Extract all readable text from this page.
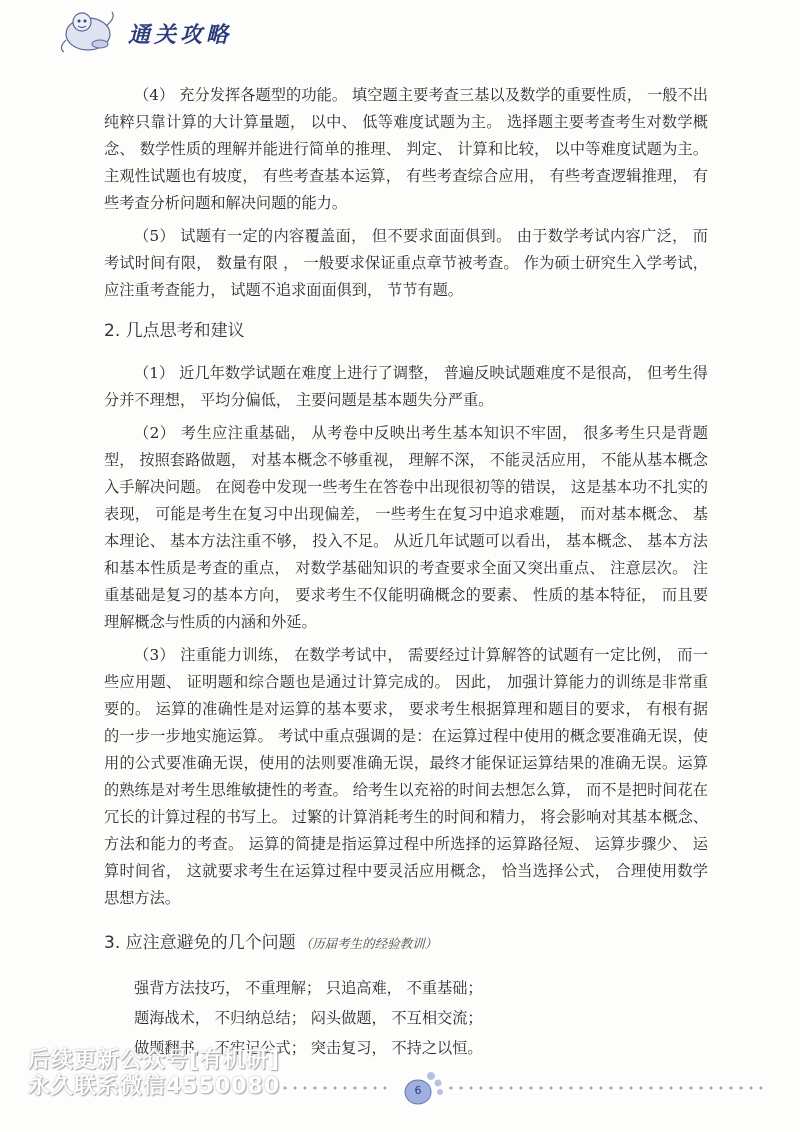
通关攻略

（4） 充分发挥各题型的功能。 填空题主要考查三基以及数学的重要性质， 一般不出纯粹只靠计算的大计算量题， 以中、 低等难度试题为主。 选择题主要考查考生对数学概念、 数学性质的理解并能进行简单的推理、 判定、 计算和比较， 以中等难度试题为主。 主观性试题也有坡度， 有些考查基本运算， 有些考查综合应用， 有些考查逻辑推理， 有些考查分析问题和解决问题的能力。

（5） 试题有一定的内容覆盖面， 但不要求面面俱到。 由于数学考试内容广泛， 而考试时间有限， 数量有限 ， 一般要求保证重点章节被考查。 作为硕士研究生入学考试， 应注重考查能力， 试题不追求面面俱到， 节节有题。

2. 几点思考和建议

（1） 近几年数学试题在难度上进行了调整， 普遍反映试题难度不是很高， 但考生得分并不理想， 平均分偏低， 主要问题是基本题失分严重。

（2） 考生应注重基础， 从考卷中反映出考生基本知识不牢固， 很多考生只是背题型， 按照套路做题， 对基本概念不够重视， 理解不深， 不能灵活应用， 不能从基本概念入手解决问题。 在阅卷中发现一些考生在答卷中出现很初等的错误， 这是基本功不扎实的表现， 可能是考生在复习中出现偏差， 一些考生在复习中追求难题， 而对基本概念、 基本理论、 基本方法注重不够， 投入不足。 从近几年试题可以看出， 基本概念、 基本方法和基本性质是考查的重点， 对数学基础知识的考查要求全面又突出重点、 注意层次。 注重基础是复习的基本方向， 要求考生不仅能明确概念的要素、 性质的基本特征， 而且要理解概念与性质的内涵和外延。

（3） 注重能力训练， 在数学考试中， 需要经过计算解答的试题有一定比例， 而一些应用题、 证明题和综合题也是通过计算完成的。 因此， 加强计算能力的训练是非常重要的。 运算的准确性是对运算的基本要求， 要求考生根据算理和题目的要求， 有根有据的一步一步地实施运算。 考试中重点强调的是：在运算过程中使用的概念要准确无误，使用的公式要准确无误，使用的法则要准确无误，最终才能保证运算结果的准确无误。运算的熟练是对考生思维敏捷性的考查。 给考生以充裕的时间去想怎么算， 而不是把时间花在冗长的计算过程的书写上。 过繁的计算消耗考生的时间和精力， 将会影响对其基本概念、 方法和能力的考查。 运算的简捷是指运算过程中所选择的运算路径短、 运算步骤少、 运算时间省， 这就要求考生在运算过程中要灵活应用概念， 恰当选择公式， 合理使用数学思想方法。

3. 应注意避免的几个问题 （历届考生的经验教训）
强背方法技巧， 不重理解； 只追高难， 不重基础；
题海战术， 不归纳总结； 闷头做题， 不互相交流；
做题翻书， 不牢记公式； 突击复习， 不持之以恒。
后续更新公众号[有机研]
永久联系微信4550080	6
